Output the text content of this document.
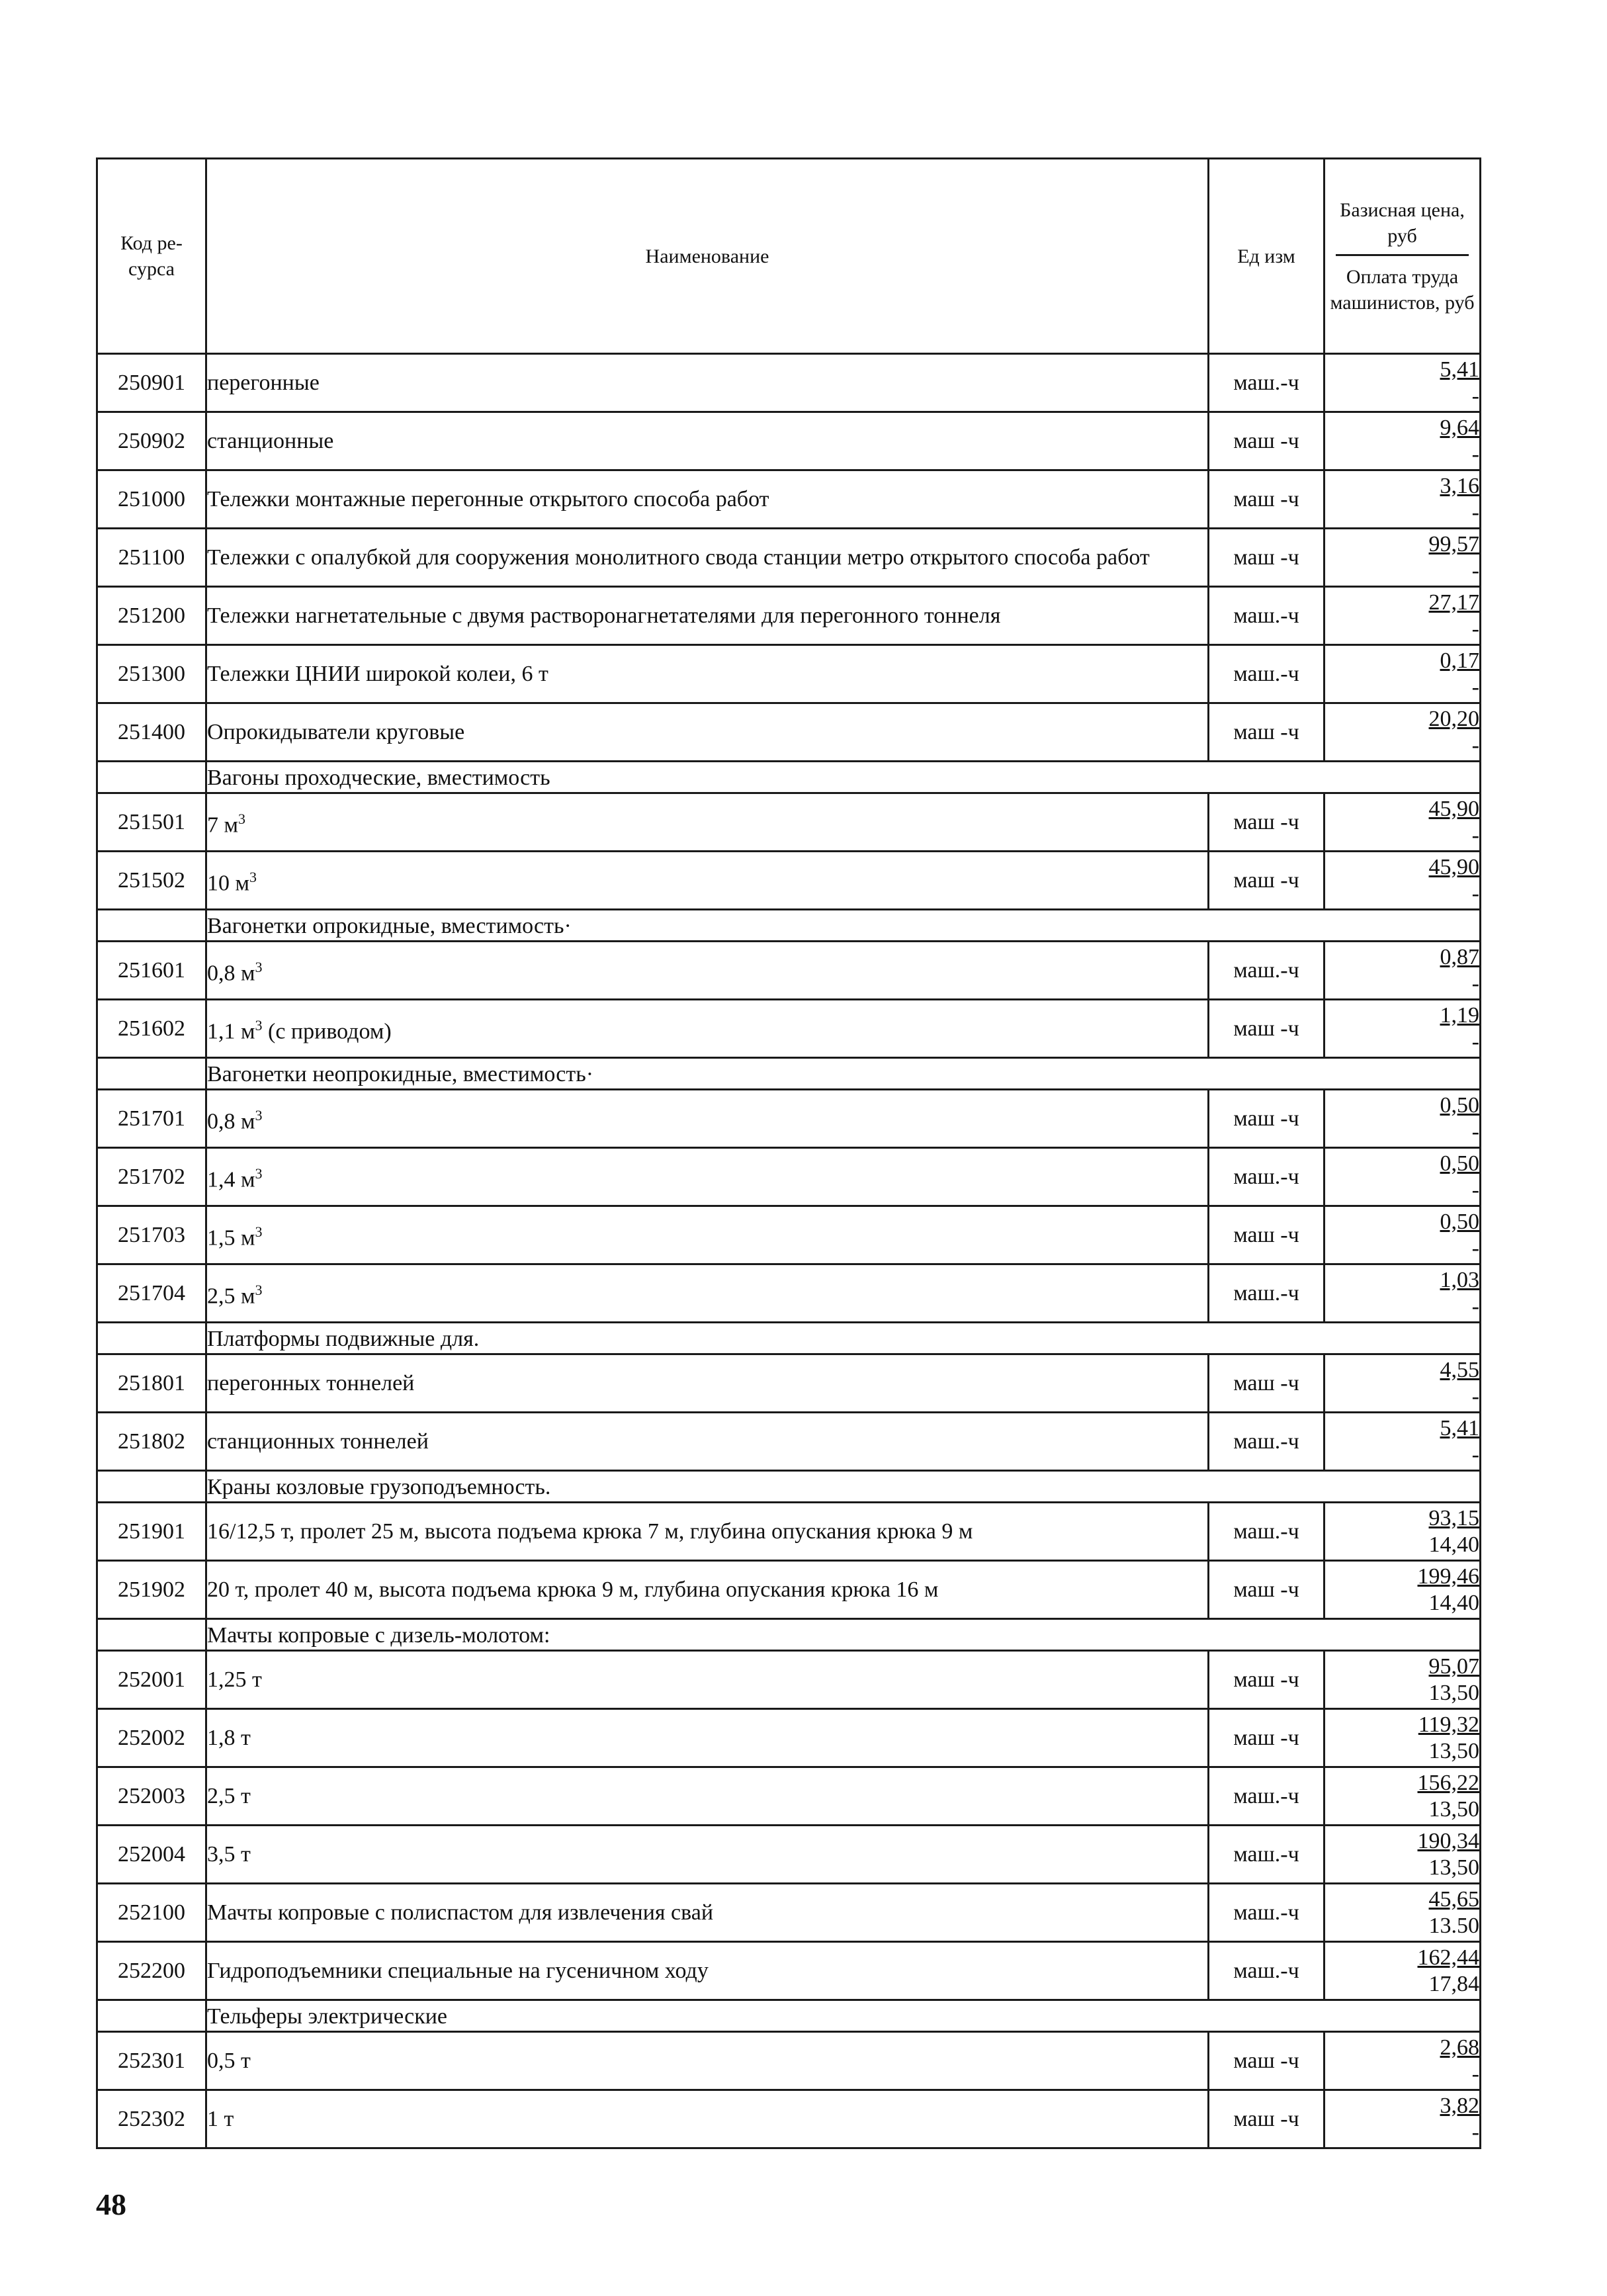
Код ре-сурса	Наименование	Ед изм	Базисная цена, руб
Оплата труда машинистов, руб

250901	перегонные	маш.-ч	5,41
-

250902	станционные	маш -ч	9,64
-

251000	Тележки монтажные перегонные открытого способа работ	маш -ч	3,16
-

251100	Тележки с опалубкой для сооружения монолитного свода станции метро открытого способа работ	маш -ч	99,57
-

251200	Тележки нагнетательные с двумя растворонагнетателями для перегонного тоннеля	маш.-ч	27,17
-

251300	Тележки ЦНИИ широкой колеи, 6 т	маш.-ч	0,17
-

251400	Опрокидыватели круговые	маш -ч	20,20
-

	Вагоны проходческие, вместимость		
251501	7 $м^3$	маш -ч	45,90
-

251502	10 $м^3$	маш -ч	45,90
-

	Вагонетки опрокидные, вместимость·		
251601	0,8 $м^3$	маш.-ч	0,87
-

251602	1,1 $м^3$ (с приводом)	маш -ч	1,19
-

	Вагонетки неопрокидные, вместимость·		
251701	0,8 $м^3$	маш -ч	0,50
-

251702	1,4 $м^3$	маш.-ч	0,50
-

251703	1,5 $м^3$	маш -ч	0,50
-

251704	2,5 $м^3$	маш.-ч	1,03
-

	Платформы подвижные для.		
251801	перегонных тоннелей	маш -ч	4,55
-

251802	станционных тоннелей	маш.-ч	5,41
-

	Краны козловые грузоподъемность.		
251901	16/12,5 т, пролет 25 м, высота подъема крюка 7 м, глубина опускания крюка 9 м	маш.-ч	93,15
14,40

251902	20 т, пролет 40 м, высота подъема крюка 9 м, глубина опускания крюка 16 м	маш -ч	199,46
14,40

	Мачты копровые с дизель-молотом:		
252001	1,25 т	маш -ч	95,07
13,50

252002	1,8 т	маш -ч	119,32
13,50

252003	2,5 т	маш.-ч	156,22
13,50

252004	3,5 т	маш.-ч	190,34
13,50

252100	Мачты копровые с полиспастом для извлечения свай	маш.-ч	45,65
13.50

252200	Гидроподъемники специальные на гусеничном ходу	маш.-ч	162,44
17,84

	Тельферы электрические		
252301	0,5 т	маш -ч	2,68
-

252302	1 т	маш -ч	3,82
-
48
